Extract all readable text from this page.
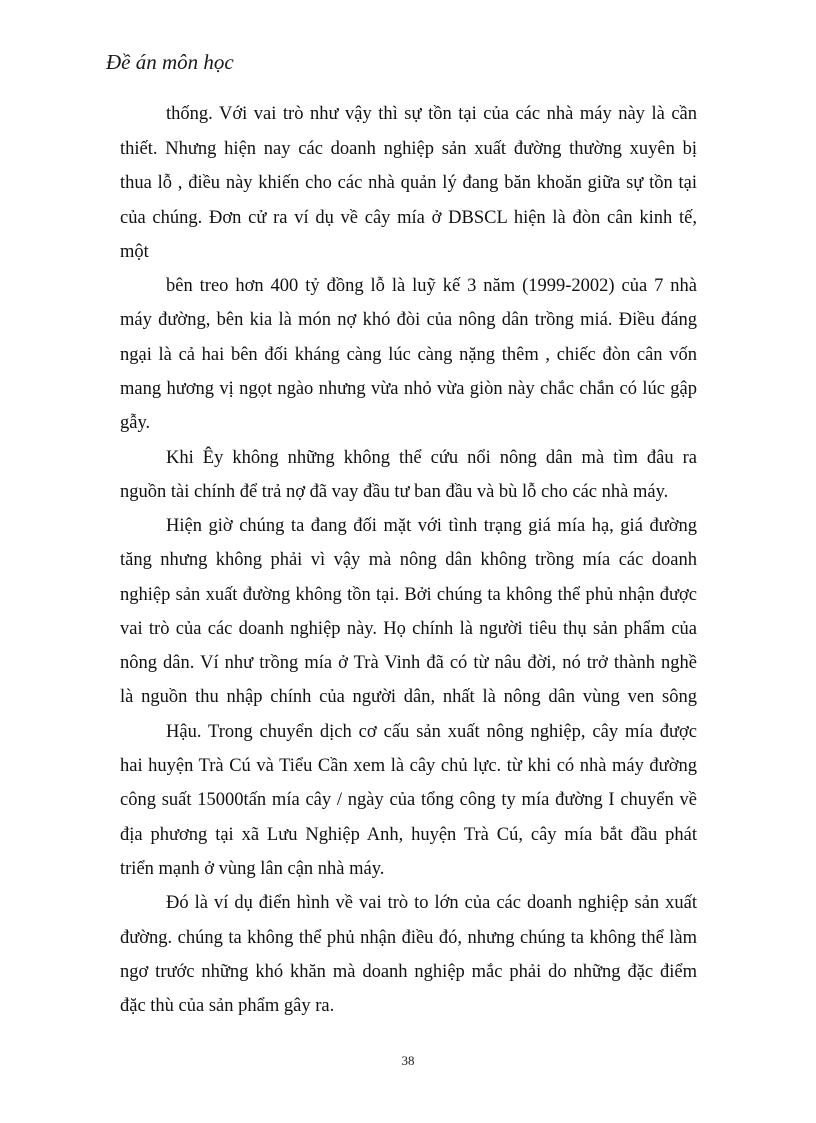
Đề án môn học
thống. Với vai trò như vậy thì sự tồn tại của các nhà máy này là cần
thiết. Nhưng hiện nay các doanh nghiệp sản xuất đường thường xuyên bị
thua lỗ , điều này khiến cho các nhà quản lý đang băn khoăn giữa sự tồn tại
của chúng. Đơn cử ra ví dụ về cây mía ở DBSCL hiện là đòn cân kinh tế,
một
bên treo hơn 400 tỷ đồng lỗ là luỹ kế 3 năm (1999-2002) của 7 nhà
máy đường, bên kia là món nợ khó đòi của nông dân trồng miá. Điều đáng
ngại là cả hai bên đối kháng càng lúc càng nặng thêm , chiếc đòn cân vốn
mang hương vị ngọt ngào nhưng vừa nhỏ vừa giòn này chắc chắn có lúc gập
gẫy.
Khi Êy không những không thể cứu nổi nông dân mà tìm đâu ra
nguồn tài chính để trả nợ đã vay đầu tư ban đầu và bù lỗ cho các nhà máy.
Hiện giờ chúng ta đang đối mặt với tình trạng giá mía hạ, giá đường
tăng nhưng không phải vì vậy mà nông dân không trồng mía các doanh
nghiệp sản xuất đường không tồn tại. Bởi chúng ta không thể phủ nhận được
vai trò của các doanh nghiệp này. Họ chính là người tiêu thụ sản phẩm của
nông dân. Ví như trồng mía ở Trà Vinh đã có từ nâu đời, nó trở thành nghề
là nguồn thu nhập chính của người dân, nhất là nông dân vùng ven sông
Hậu. Trong chuyển dịch cơ cấu sản xuất nông nghiệp, cây mía được
hai huyện Trà Cú và Tiểu Cần xem là cây chủ lực. từ khi có nhà máy đường
công suất 15000tấn mía cây / ngày của tổng công ty mía đường I chuyển về
địa phương tại xã Lưu Nghiệp Anh, huyện Trà Cú, cây mía bắt đầu phát
triển mạnh ở vùng lân cận nhà máy.
Đó là ví dụ điển hình về vai trò to lớn của các doanh nghiệp sản xuất
đường. chúng ta không thể phủ nhận điều đó, nhưng chúng ta không thể làm
ngơ trước những khó khăn mà doanh nghiệp mắc phải do những đặc điểm
đặc thù của sản phẩm gây ra.
38
